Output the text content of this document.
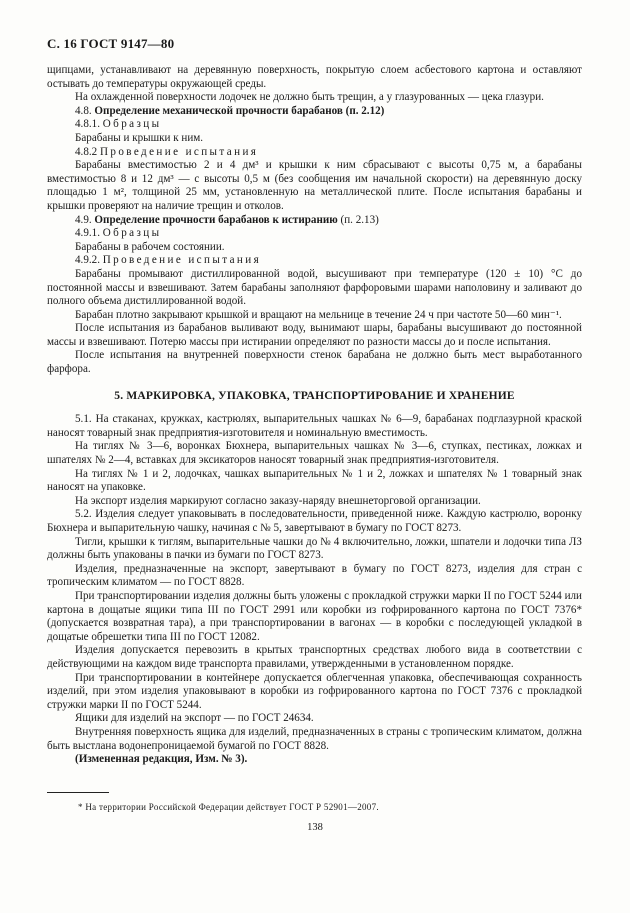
С. 16 ГОСТ 9147—80

щипцами, устанавливают на деревянную поверхность, покрытую слоем асбестового картона и оставляют остывать до температуры окружающей среды.

На охлажденной поверхности лодочек не должно быть трещин, а у глазурованных — цека глазури.

4.8. Определение механической прочности барабанов (п. 2.12)

4.8.1. Образцы

Барабаны и крышки к ним.

4.8.2 Проведение испытания

Барабаны вместимостью 2 и 4 дм³ и крышки к ним сбрасывают с высоты 0,75 м, а барабаны вместимостью 8 и 12 дм³ — с высоты 0,5 м (без сообщения им начальной скорости) на деревянную доску площадью 1 м², толщиной 25 мм, установленную на металлической плите. После испытания барабаны и крышки проверяют на наличие трещин и отколов.

4.9. Определение прочности барабанов к истиранию (п. 2.13)

4.9.1. Образцы

Барабаны в рабочем состоянии.

4.9.2. Проведение испытания

Барабаны промывают дистиллированной водой, высушивают при температуре (120 ± 10) °С до постоянной массы и взвешивают. Затем барабаны заполняют фарфоровыми шарами наполовину и заливают до полного объема дистиллированной водой.

Барабан плотно закрывают крышкой и вращают на мельнице в течение 24 ч при частоте 50—60 мин⁻¹.

После испытания из барабанов выливают воду, вынимают шары, барабаны высушивают до постоянной массы и взвешивают. Потерю массы при истирании определяют по разности массы до и после испытания.

После испытания на внутренней поверхности стенок барабана не должно быть мест выработанного фарфора.

5. МАРКИРОВКА, УПАКОВКА, ТРАНСПОРТИРОВАНИЕ И ХРАНЕНИЕ

5.1. На стаканах, кружках, кастрюлях, выпарительных чашках № 6—9, барабанах подглазурной краской наносят товарный знак предприятия-изготовителя и номинальную вместимость.

На тиглях № 3—6, воронках Бюхнера, выпарительных чашках № 3—6, ступках, пестиках, ложках и шпателях № 2—4, вставках для эксикаторов наносят товарный знак предприятия-изготовителя.

На тиглях № 1 и 2, лодочках, чашках выпарительных № 1 и 2, ложках и шпателях № 1 товарный знак наносят на упаковке.

На экспорт изделия маркируют согласно заказу-наряду внешнеторговой организации.

5.2. Изделия следует упаковывать в последовательности, приведенной ниже. Каждую кастрюлю, воронку Бюхнера и выпарительную чашку, начиная с № 5, завертывают в бумагу по ГОСТ 8273.

Тигли, крышки к тиглям, выпарительные чашки до № 4 включительно, ложки, шпатели и лодочки типа ЛЗ должны быть упакованы в пачки из бумаги по ГОСТ 8273.

Изделия, предназначенные на экспорт, завертывают в бумагу по ГОСТ 8273, изделия для стран с тропическим климатом — по ГОСТ 8828.

При транспортировании изделия должны быть уложены с прокладкой стружки марки II по ГОСТ 5244 или картона в дощатые ящики типа III по ГОСТ 2991 или коробки из гофрированного картона по ГОСТ 7376* (допускается возвратная тара), а при транспортировании в вагонах — в коробки с последующей укладкой в дощатые обрешетки типа III по ГОСТ 12082.

Изделия допускается перевозить в крытых транспортных средствах любого вида в соответствии с действующими на каждом виде транспорта правилами, утвержденными в установленном порядке.

При транспортировании в контейнере допускается облегченная упаковка, обеспечивающая сохранность изделий, при этом изделия упаковывают в коробки из гофрированного картона по ГОСТ 7376 с прокладкой стружки марки II по ГОСТ 5244.

Ящики для изделий на экспорт — по ГОСТ 24634.

Внутренняя поверхность ящика для изделий, предназначенных в страны с тропическим климатом, должна быть выстлана водонепроницаемой бумагой по ГОСТ 8828.

(Измененная редакция, Изм. № 3).

* На территории Российской Федерации действует ГОСТ Р 52901—2007.
138
